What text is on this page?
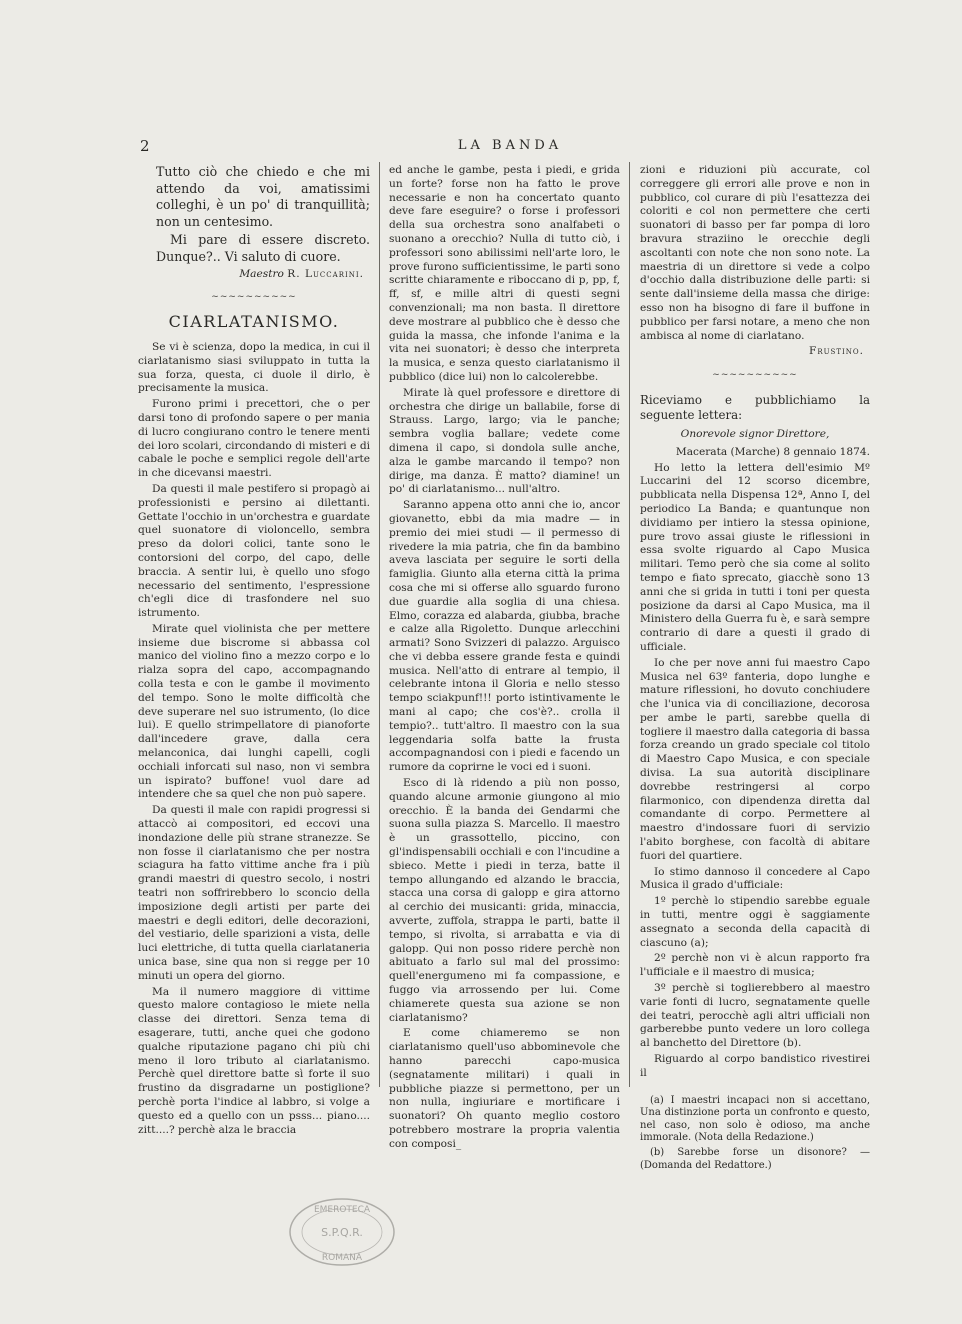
2	LA BANDA

Tutto ciò che chiedo e che mi attendo da voi, amatissimi colleghi, è un po' di tranquillità; non un centesimo.

Mi pare di essere discreto. Dunque?.. Vi saluto di cuore.

Maestro R. Luccarini.
~~~~~~~~~~
CIARLATANISMO.

Se vi è scienza, dopo la medica, in cui il ciarlatanismo siasi sviluppato in tutta la sua forza, questa, ci duole il dirlo, è precisamente la musica.

Furono primi i precettori, che o per darsi tono di profondo sapere o per mania di lucro congiurano contro le tenere menti dei loro scolari, circondando di misteri e di cabale le poche e semplici regole dell'arte in che dicevansi maestri.

Da questi il male pestifero si propagò ai professionisti e persino ai dilettanti. Gettate l'occhio in un'orchestra e guardate quel suonatore di violoncello, sembra preso da dolori colici, tante sono le contorsioni del corpo, del capo, delle braccia. A sentir lui, è quello uno sfogo necessario del sentimento, l'espressione ch'egli dice di trasfondere nel suo istrumento.

Mirate quel violinista che per mettere insieme due biscrome si abbassa col manico del violino fino a mezzo corpo e lo rialza sopra del capo, accompagnando colla testa e con le gambe il movimento del tempo. Sono le molte difficoltà che deve superare nel suo istrumento, (lo dice lui). E quello strimpellatore di pianoforte dall'incedere grave, dalla cera melanconica, dai lunghi capelli, cogli occhiali inforcati sul naso, non vi sembra un ispirato? buffone! vuol dare ad intendere che sa quel che non può sapere.

Da questi il male con rapidi progressi si attaccò ai compositori, ed eccovi una inondazione delle più strane stranezze. Se non fosse il ciarlatanismo che per nostra sciagura ha fatto vittime anche fra i più grandi maestri di questro secolo, i nostri teatri non soffrirebbero lo sconcio della imposizione degli artisti per parte dei maestri e degli editori, delle decorazioni, del vestiario, delle sparizioni a vista, delle luci elettriche, di tutta quella ciarlataneria unica base, sine qua non si regge per 10 minuti un opera del giorno.

Ma il numero maggiore di vittime questo malore contagioso le miete nella classe dei direttori. Senza tema di esagerare, tutti, anche quei che godono qualche riputazione pagano chi più chi meno il loro tributo al ciarlatanismo. Perchè quel direttore batte sì forte il suo frustino da disgradarne un postiglione? perchè porta l'indice al labbro, si volge a questo ed a quello con un psss... piano.... zitt....? perchè alza le braccia

ed anche le gambe, pesta i piedi, e grida un forte? forse non ha fatto le prove necessarie e non ha concertato quanto deve fare eseguire? o forse i professori della sua orchestra sono analfabeti o suonano a orecchio? Nulla di tutto ciò, i professori sono abilissimi nell'arte loro, le prove furono sufficientissime, le parti sono scritte chiaramente e riboccano di p, pp, f, ff, sf, e mille altri di questi segni convenzionali; ma non basta. Il direttore deve mostrare al pubblico che è desso che guida la massa, che infonde l'anima e la vita nei suonatori; è desso che interpreta la musica, e senza questo ciarlatanismo il pubblico (dice lui) non lo calcolerebbe.

Mirate là quel professore e direttore di orchestra che dirige un ballabile, forse di Strauss. Largo, largo; via le panche; sembra voglia ballare; vedete come dimena il capo, si dondola sulle anche, alza le gambe marcando il tempo? non dirige, ma danza. È matto? diamine! un po' di ciarlatanismo... null'altro.

Saranno appena otto anni che io, ancor giovanetto, ebbi da mia madre — in premio dei miei studi — il permesso di rivedere la mia patria, che fin da bambino aveva lasciata per seguire le sorti della famiglia. Giunto alla eterna città la prima cosa che mi si offerse allo sguardo furono due guardie alla soglia di una chiesa. Elmo, corazza ed alabarda, giubba, brache e calze alla Rigoletto. Dunque arlecchini armati? Sono Svizzeri di palazzo. Arguisco che vi debba essere grande festa e quindi musica. Nell'atto di entrare al tempio, il celebrante intona il Gloria e nello stesso tempo sciakpunf!!! porto istintivamente le mani al capo; che cos'è?.. crolla il tempio?.. tutt'altro. Il maestro con la sua leggendaria solfa batte la frusta accompagnandosi con i piedi e facendo un rumore da coprirne le voci ed i suoni.

Esco di là ridendo a più non posso, quando alcune armonie giungono al mio orecchio. È la banda dei Gendarmi che suona sulla piazza S. Marcello. Il maestro è un grassottello, piccino, con gl'indispensabili occhiali e con l'incudine a sbieco. Mette i piedi in terza, batte il tempo allungando ed alzando le braccia, stacca una corsa di galopp e gira attorno al cerchio dei musicanti: grida, minaccia, avverte, zuffola, strappa le parti, batte il tempo, si rivolta, si arrabatta e via di galopp. Qui non posso ridere perchè non abituato a farlo sul mal del prossimo: quell'energumeno mi fa compassione, e fuggo via arrossendo per lui. Come chiamerete questa sua azione se non ciarlatanismo?

E come chiameremo se non ciarlatanismo quell'uso abbominevole che hanno parecchi capo-musica (segnatamente militari) i quali in pubbliche piazze si permettono, per un non nulla, ingiuriare e mortificare i suonatori? Oh quanto meglio costoro potrebbero mostrare la propria valentia con composi_

zioni e riduzioni più accurate, col correggere gli errori alle prove e non in pubblico, col curare di più l'esattezza dei coloriti e col non permettere che certi suonatori di basso per far pompa di loro bravura straziino le orecchie degli ascoltanti con note che non sono note. La maestria di un direttore si vede a colpo d'occhio dalla distribuzione delle parti: si sente dall'insieme della massa che dirige: esso non ha bisogno di fare il buffone in pubblico per farsi notare, a meno che non ambisca al nome di ciarlatano.

Frustino.
~~~~~~~~~~

Riceviamo e pubblichiamo la seguente lettera:

Onorevole signor Direttore,
Macerata (Marche) 8 gennaio 1874.

Ho letto la lettera dell'esimio Mº Luccarini del 12 scorso dicembre, pubblicata nella Dispensa 12ª, Anno I, del periodico La Banda; e quantunque non dividiamo per intiero la stessa opinione, pure trovo assai giuste le riflessioni in essa svolte riguardo al Capo Musica militari. Temo però che sia come al solito tempo e fiato sprecato, giacchè sono 13 anni che si grida in tutti i toni per questa posizione da darsi al Capo Musica, ma il Ministero della Guerra fu è, e sarà sempre contrario di dare a questi il grado di ufficiale.

Io che per nove anni fui maestro Capo Musica nel 63º fanteria, dopo lunghe e mature riflessioni, ho dovuto conchiudere che l'unica via di conciliazione, decorosa per ambe le parti, sarebbe quella di togliere il maestro dalla categoria di bassa forza creando un grado speciale col titolo di Maestro Capo Musica, e con speciale divisa. La sua autorità disciplinare dovrebbe restringersi al corpo filarmonico, con dipendenza diretta dal comandante di corpo. Permettere al maestro d'indossare fuori di servizio l'abito borghese, con facoltà di abitare fuori del quartiere.

Io stimo dannoso il concedere al Capo Musica il grado d'ufficiale:

1º perchè lo stipendio sarebbe eguale in tutti, mentre oggi è saggiamente assegnato a seconda della capacità di ciascuno (a);

2º perchè non vi è alcun rapporto fra l'ufficiale e il maestro di musica;

3º perchè si toglierebbero al maestro varie fonti di lucro, segnatamente quelle dei teatri, perocchè agli altri ufficiali non garberebbe punto vedere un loro collega al banchetto del Direttore (b).

Riguardo al corpo bandistico rivestirei il

(a) I maestri incapaci non si accettano, Una distinzione porta un confronto e questo, nel caso, non solo è odioso, ma anche immorale. (Nota della Redazione.)

(b) Sarebbe forse un disonore? — (Domanda del Redattore.)

EMEROTECA
S.P.Q.R.
ROMANA
